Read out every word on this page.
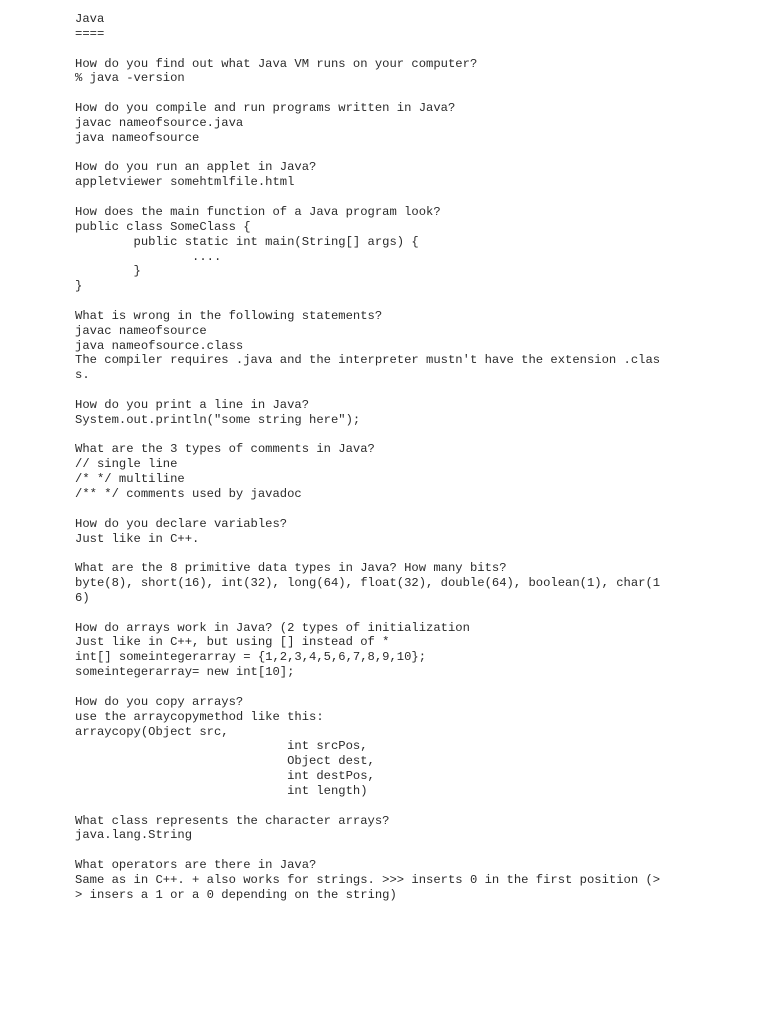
Java
====
How do you find out what Java VM runs on your computer?
% java -version
How do you compile and run programs written in Java?
javac nameofsource.java
java nameofsource
How do you run an applet in Java?
appletviewer somehtmlfile.html
How does the main function of a Java program look?
public class SomeClass {
public static int main(String[] args) {
....
}
}
What is wrong in the following statements?
javac nameofsource
java nameofsource.class
The compiler requires .java and the interpreter mustn't have the extension .clas
s.
How do you print a line in Java?
System.out.println("some string here");
What are the 3 types of comments in Java?
// single line
/* */ multiline
/** */ comments used by javadoc
How do you declare variables?
Just like in C++.
What are the 8 primitive data types in Java? How many bits?
byte(8), short(16), int(32), long(64), float(32), double(64), boolean(1), char(1
6)
How do arrays work in Java? (2 types of initialization
Just like in C++, but using [] instead of *
int[] someintegerarray = {1,2,3,4,5,6,7,8,9,10};
someintegerarray= new int[10];
How do you copy arrays?
use the arraycopymethod like this:
arraycopy(Object src,
int srcPos,
Object dest,
int destPos,
int length)
What class represents the character arrays?
java.lang.String
What operators are there in Java?
Same as in C++. + also works for strings. >>> inserts 0 in the first position (>
> insers a 1 or a 0 depending on the string)
